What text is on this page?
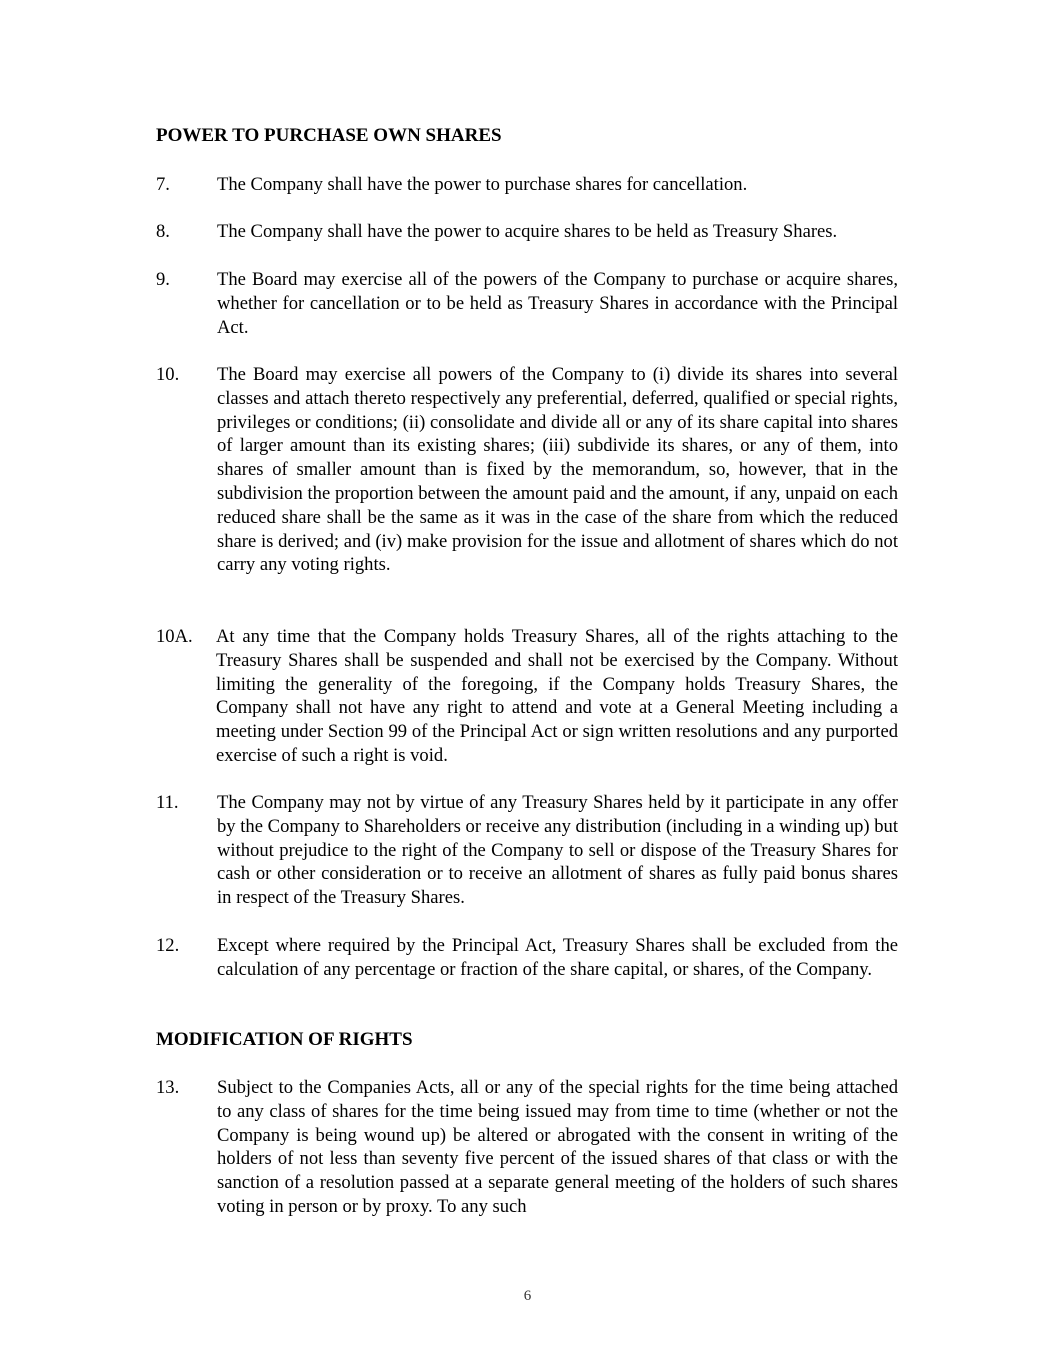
POWER TO PURCHASE OWN SHARES
7.	The Company shall have the power to purchase shares for cancellation.
8.	The Company shall have the power to acquire shares to be held as Treasury Shares.
9.	The Board may exercise all of the powers of the Company to purchase or acquire shares, whether for cancellation or to be held as Treasury Shares in accordance with the Principal Act.
10. The Board may exercise all powers of the Company to (i) divide its shares into several classes and attach thereto respectively any preferential, deferred, qualified or special rights, privileges or conditions; (ii) consolidate and divide all or any of its share capital into shares of larger amount than its existing shares; (iii) subdivide its shares, or any of them, into shares of smaller amount than is fixed by the memorandum, so, however, that in the subdivision the proportion between the amount paid and the amount, if any, unpaid on each reduced share shall be the same as it was in the case of the share from which the reduced share is derived; and (iv) make provision for the issue and allotment of shares which do not carry any voting rights.
10A. At any time that the Company holds Treasury Shares, all of the rights attaching to the Treasury Shares shall be suspended and shall not be exercised by the Company. Without limiting the generality of the foregoing, if the Company holds Treasury Shares, the Company shall not have any right to attend and vote at a General Meeting including a meeting under Section 99 of the Principal Act or sign written resolutions and any purported exercise of such a right is void.
11. The Company may not by virtue of any Treasury Shares held by it participate in any offer by the Company to Shareholders or receive any distribution (including in a winding up) but without prejudice to the right of the Company to sell or dispose of the Treasury Shares for cash or other consideration or to receive an allotment of shares as fully paid bonus shares in respect of the Treasury Shares.
12. Except where required by the Principal Act, Treasury Shares shall be excluded from the calculation of any percentage or fraction of the share capital, or shares, of the Company.
MODIFICATION OF RIGHTS
13. Subject to the Companies Acts, all or any of the special rights for the time being attached to any class of shares for the time being issued may from time to time (whether or not the Company is being wound up) be altered or abrogated with the consent in writing of the holders of not less than seventy five percent of the issued shares of that class or with the sanction of a resolution passed at a separate general meeting of the holders of such shares voting in person or by proxy. To any such
6
